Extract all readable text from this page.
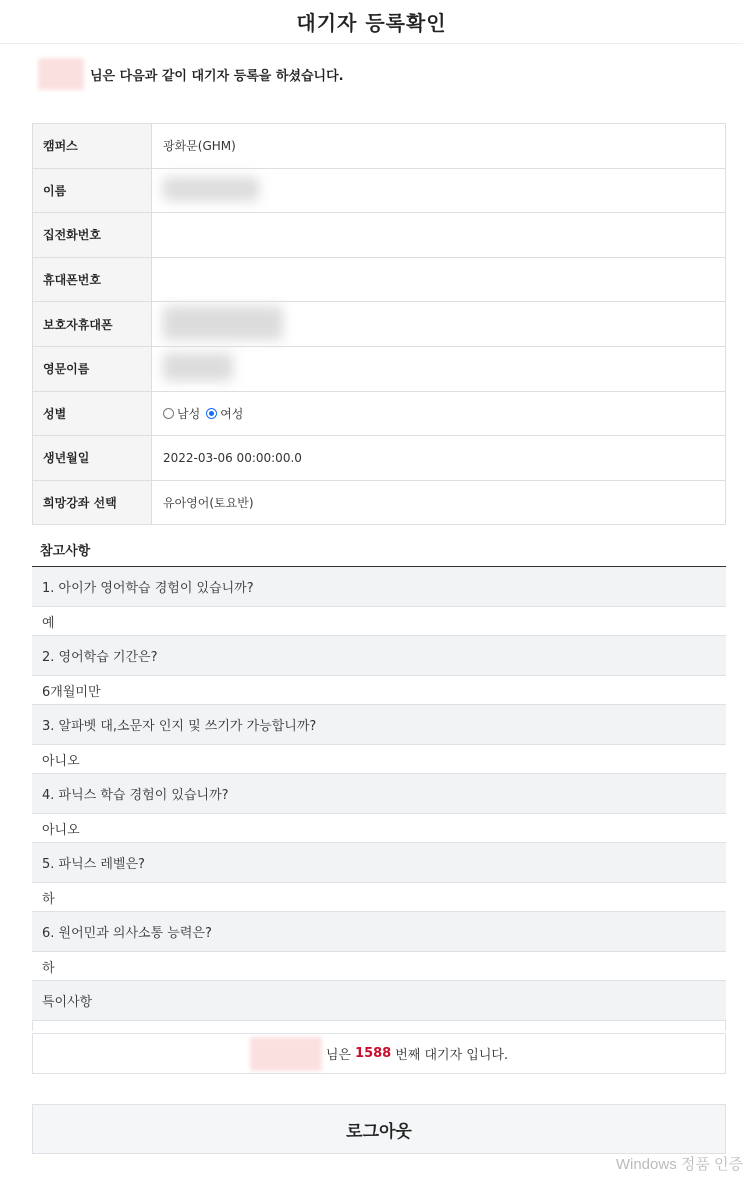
대기자 등록확인
님은 다음과 같이 대기자 등록을 하셨습니다.
캠퍼스	광화문(GHM)
이름	
집전화번호	
휴대폰번호	
보호자휴대폰	
영문이름	
성별	남성 여성

생년월일	2022-03-06 00:00:00.0
희망강좌 선택	유아영어(토요반)
참고사항
1. 아이가 영어학습 경험이 있습니까?
예
2. 영어학습 기간은?
6개월미만
3. 알파벳 대,소문자 인지 및 쓰기가 가능합니까?
아니오
4. 파닉스 학습 경험이 있습니까?
아니오
5. 파닉스 레벨은?
하
6. 원어민과 의사소통 능력은?
하
특이사항
님은 1588 번째 대기자 입니다.
로그아웃
Windows 정품 인증
